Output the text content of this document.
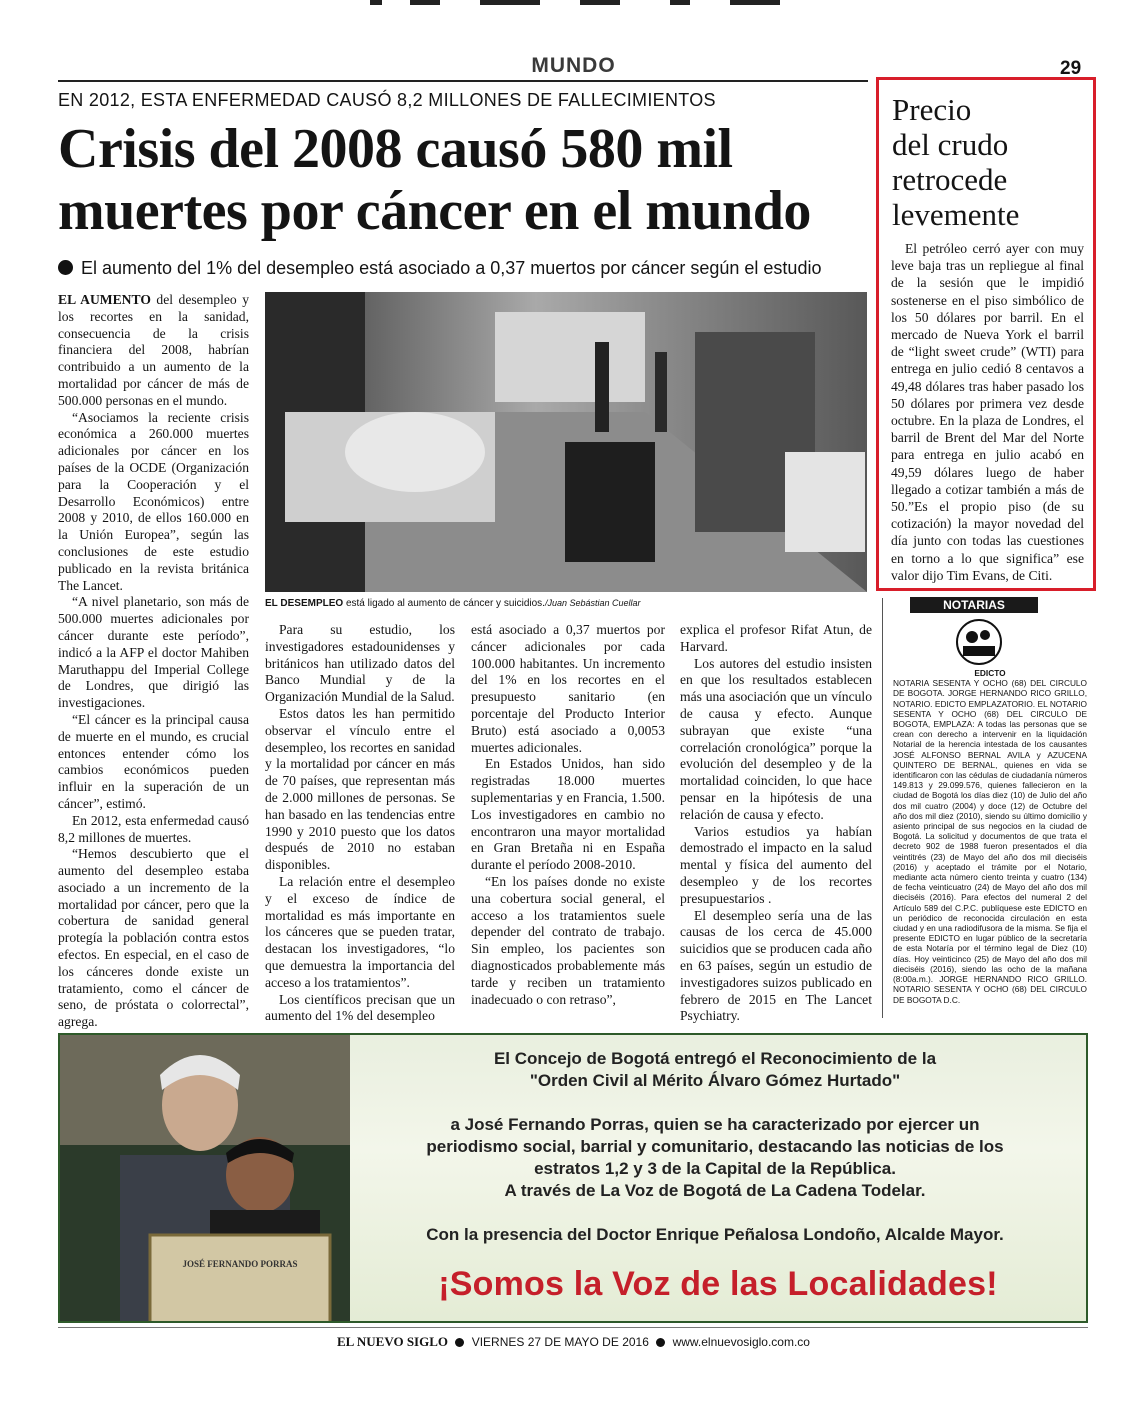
MUNDO	29
EN 2012, ESTA ENFERMEDAD CAUSÓ 8,2 MILLONES DE FALLECIMIENTOS
Crisis del 2008 causó 580 mil
muertes por cáncer en el mundo
El aumento del 1% del desempleo está asociado a 0,37 muertos por cáncer según el estudio

EL AUMENTO del desempleo y los recortes en la sanidad, consecuencia de la crisis financiera del 2008, habrían contribuido a un aumento de la mortalidad por cáncer de más de 500.000 personas en el mundo.

“Asociamos la reciente crisis económica a 260.000 muertes adicionales por cáncer en los países de la OCDE (Organización para la Cooperación y el Desarrollo Económicos) entre 2008 y 2010, de ellos 160.000 en la Unión Europea”, según las conclusiones de este estudio publicado en la revista británica The Lancet.

“A nivel planetario, son más de 500.000 muertes adicionales por cáncer durante este período”, indicó a la AFP el doctor Mahiben Maruthappu del Imperial College de Londres, que dirigió las investigaciones.

“El cáncer es la principal causa de muerte en el mundo, es crucial entonces entender cómo los cambios económicos pueden influir en la superación de un cáncer”, estimó.

En 2012, esta enfermedad causó 8,2 millones de muertes.

“Hemos descubierto que el aumento del desempleo estaba asociado a un incremento de la mortalidad por cáncer, pero que la cobertura de sanidad general protegía la población contra estos efectos. En especial, en el caso de los cánceres donde existe un tratamiento, como el cáncer de seno, de próstata o colorrectal”, agrega.

EL DESEMPLEO está ligado al aumento de cáncer y suicidios./Juan Sebástian Cuellar

Para su estudio, los investigadores estadounidenses y británicos han utilizado datos del Banco Mundial y de la Organización Mundial de la Salud.

Estos datos les han permitido observar el vínculo entre el desempleo, los recortes en sanidad y la mortalidad por cáncer en más de 70 países, que representan más de 2.000 millones de personas. Se han basado en las tendencias entre 1990 y 2010 puesto que los datos después de 2010 no estaban disponibles.

La relación entre el desempleo y el exceso de índice de mortalidad es más importante en los cánceres que se pueden tratar, destacan los investigadores, “lo que demuestra la importancia del acceso a los tratamientos”.

Los científicos precisan que un aumento del 1% del desempleo

está asociado a 0,37 muertos por cáncer adicionales por cada 100.000 habitantes. Un incremento del 1% en los recortes en el presupuesto sanitario (en porcentaje del Producto Interior Bruto) está asociado a 0,0053 muertes adicionales.

En Estados Unidos, han sido registradas 18.000 muertes suplementarias y en Francia, 1.500. Los investigadores en cambio no encontraron una mayor mortalidad en Gran Bretaña ni en España durante el período 2008-2010.

“En los países donde no existe una cobertura social general, el acceso a los tratamientos suele depender del contrato de trabajo. Sin empleo, los pacientes son diagnosticados probablemente más tarde y reciben un tratamiento inadecuado o con retraso”,

explica el profesor Rifat Atun, de Harvard.

Los autores del estudio insisten en que los resultados establecen más una asociación que un vínculo de causa y efecto. Aunque subrayan que existe “una correlación cronológica” porque la evolución del desempleo y de la mortalidad coinciden, lo que hace pensar en la hipótesis de una relación de causa y efecto.

Varios estudios ya habían demostrado el impacto en la salud mental y física del aumento del desempleo y de los recortes presupuestarios .

El desempleo sería una de las causas de los cerca de 45.000 suicidios que se producen cada año en 63 países, según un estudio de investigadores suizos publicado en febrero de 2015 en The Lancet Psychiatry.

Precio
del crudo
retrocede
levemente

El petróleo cerró ayer con muy leve baja tras un repliegue al final de la sesión que le impidió sostenerse en el piso simbólico de los 50 dólares por barril. En el mercado de Nueva York el barril de “light sweet crude” (WTI) para entrega en julio cedió 8 centavos a 49,48 dólares tras haber pasado los 50 dólares por primera vez desde octubre. En la plaza de Londres, el barril de Brent del Mar del Norte para entrega en julio acabó en 49,59 dólares luego de haber llegado a cotizar también a más de 50.”Es el propio piso (de su cotización) la mayor novedad del día junto con todas las cuestiones en torno a lo que significa” ese valor dijo Tim Evans, de Citi.

NOTARIAS
EDICTO
NOTARIA SESENTA Y OCHO (68) DEL CIRCULO DE BOGOTA. JORGE HERNANDO RICO GRILLO, NOTARIO. EDICTO EMPLAZATORIO. EL NOTARIO SESENTA Y OCHO (68) DEL CIRCULO DE BOGOTA, EMPLAZA: A todas las personas que se crean con derecho a intervenir en la liquidación Notarial de la herencia intestada de los causantes JOSÉ ALFONSO BERNAL AVILA y AZUCENA QUINTERO DE BERNAL, quienes en vida se identificaron con las cédulas de ciudadanía números 149.813 y 29.099.576, quienes fallecieron en la ciudad de Bogotá los días diez (10) de Julio del año dos mil cuatro (2004) y doce (12) de Octubre del año dos mil diez (2010), siendo su último domicilio y asiento principal de sus negocios en la ciudad de Bogotá. La solicitud y documentos de que trata el decreto 902 de 1988 fueron presentados el día veintitrés (23) de Mayo del año dos mil dieciséis (2016) y aceptado el trámite por el Notario, mediante acta número ciento treinta y cuatro (134) de fecha veinticuatro (24) de Mayo del año dos mil dieciséis (2016). Para efectos del numeral 2 del Artículo 589 del C.P.C. publíquese este EDICTO en un periódico de reconocida circulación en esta ciudad y en una radiodifusora de la misma. Se fija el presente EDICTO en lugar público de la secretaría de esta Notaría por el término legal de Diez (10) días. Hoy veinticinco (25) de Mayo del año dos mil dieciséis (2016), siendo las ocho de la mañana (8:00a.m.). JORGE HERNANDO RICO GRILLO. NOTARIO SESENTA Y OCHO (68) DEL CIRCULO DE BOGOTA D.C.
JOSÉ FERNANDO PORRAS

El Concejo de Bogotá entregó el Reconocimiento de la

"Orden Civil al Mérito Álvaro Gómez Hurtado"

a José Fernando Porras, quien se ha caracterizado por ejercer un

periodismo social, barrial y comunitario, destacando las noticias de los

estratos 1,2 y 3 de la Capital de la República.

A través de La Voz de Bogotá de La Cadena Todelar.

Con la presencia del Doctor Enrique Peñalosa Londoño, Alcalde Mayor.

¡Somos la Voz de las Localidades!
EL NUEVO SIGLO VIERNES 27 DE MAYO DE 2016 www.elnuevosiglo.com.co
